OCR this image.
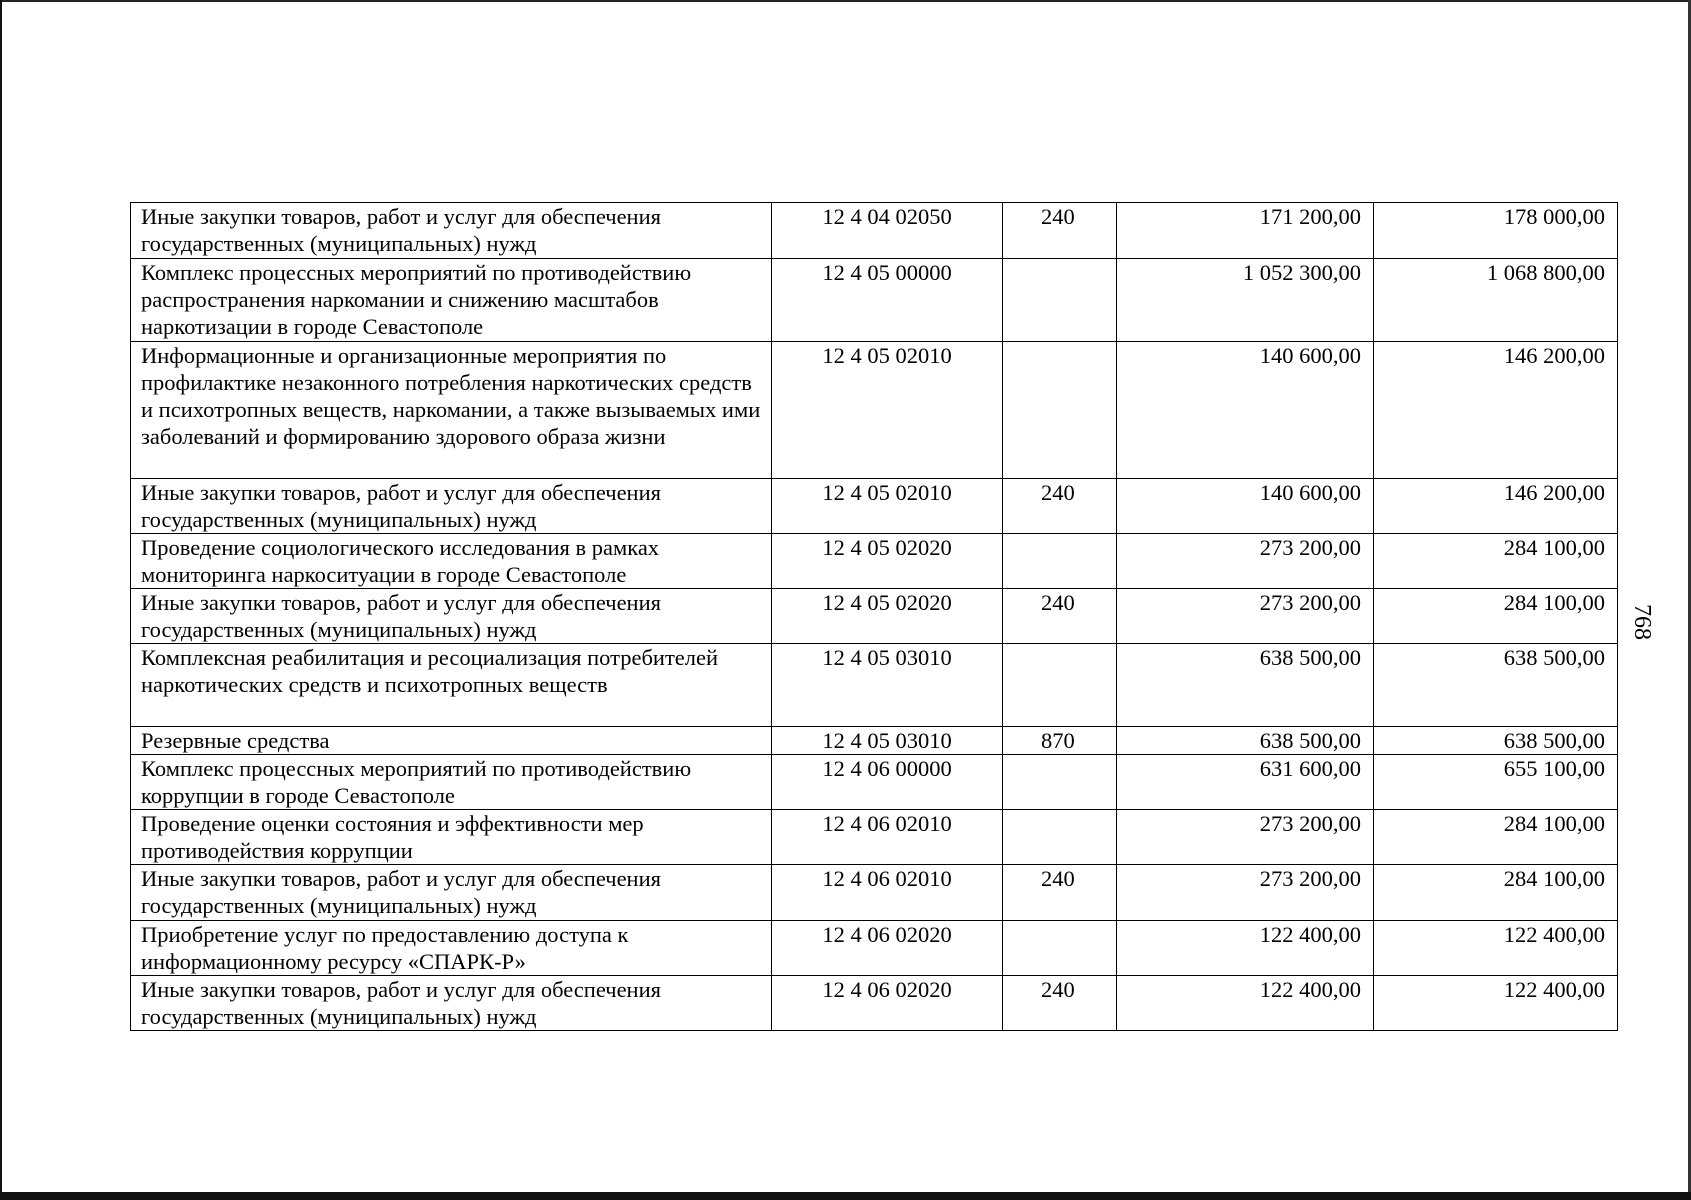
Иные закупки товаров, работ и услуг для обеспечения государственных (муниципальных) нужд	12 4 04 02050	240	171 200,00	178 000,00
Комплекс процессных мероприятий по противодействию распространения наркомании и снижению масштабов наркотизации в городе Севастополе	12 4 05 00000		1 052 300,00	1 068 800,00
Информационные и организационные мероприятия по профилактике незаконного потребления наркотических средств и психотропных веществ, наркомании, а также вызываемых ими заболеваний и формированию здорового образа жизни	12 4 05 02010		140 600,00	146 200,00
Иные закупки товаров, работ и услуг для обеспечения государственных (муниципальных) нужд	12 4 05 02010	240	140 600,00	146 200,00
Проведение социологического исследования в рамках мониторинга наркоситуации в городе Севастополе	12 4 05 02020		273 200,00	284 100,00
Иные закупки товаров, работ и услуг для обеспечения государственных (муниципальных) нужд	12 4 05 02020	240	273 200,00	284 100,00
Комплексная реабилитация и ресоциализация потребителей наркотических средств и психотропных веществ	12 4 05 03010		638 500,00	638 500,00
Резервные средства	12 4 05 03010	870	638 500,00	638 500,00
Комплекс процессных мероприятий по противодействию коррупции в городе Севастополе	12 4 06 00000		631 600,00	655 100,00
Проведение оценки состояния и эффективности мер противодействия коррупции	12 4 06 02010		273 200,00	284 100,00
Иные закупки товаров, работ и услуг для обеспечения государственных (муниципальных) нужд	12 4 06 02010	240	273 200,00	284 100,00
Приобретение услуг по предоставлению доступа к информационному ресурсу «СПАРК-Р»	12 4 06 02020		122 400,00	122 400,00
Иные закупки товаров, работ и услуг для обеспечения государственных (муниципальных) нужд	12 4 06 02020	240	122 400,00	122 400,00
768
